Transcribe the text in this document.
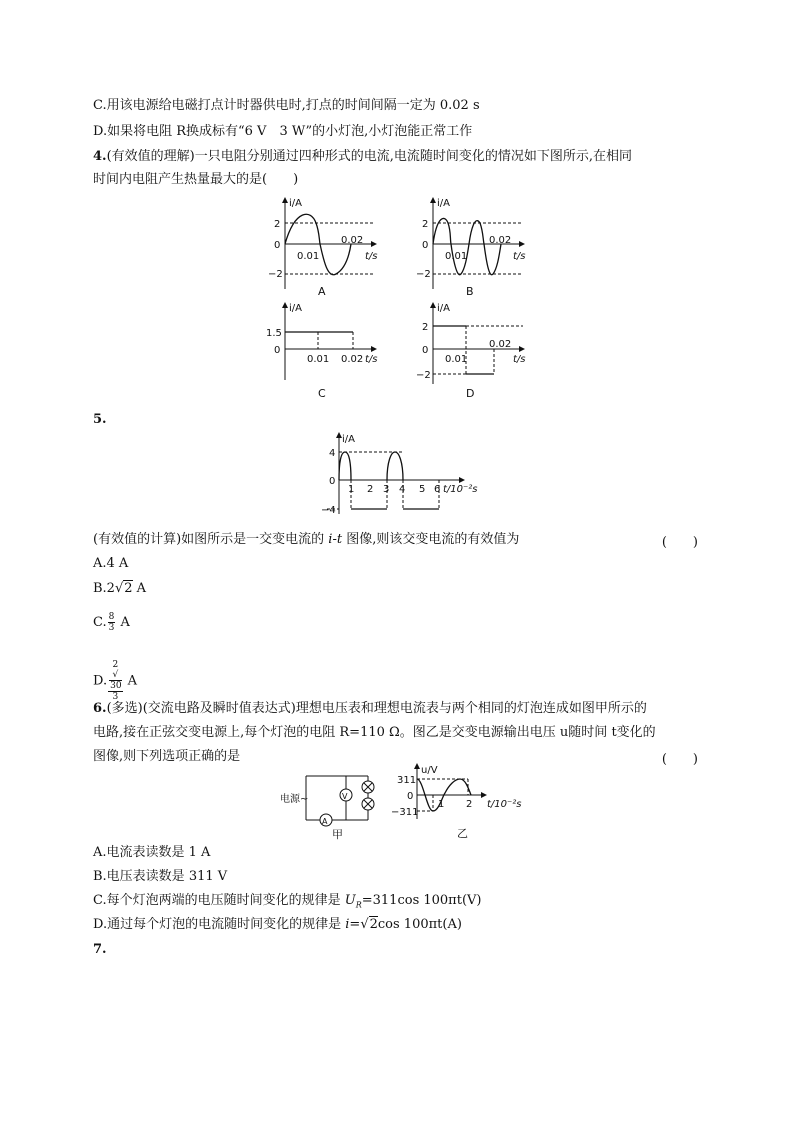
C.用该电源给电磁打点计时器供电时,打点的时间间隔一定为 0.02 s
D.如果将电阻 R换成标有“6 V　3 W”的小灯泡,小灯泡能正常工作
4.(有效值的理解)一只电阻分别通过四种形式的电流,电流随时间变化的情况如下图所示,在相同
时间内电阻产生热量最大的是(　　)
i/A
2
0
−2
0.01
0.02
t/s
A
i/A
2
0
−2
0.01
0.02
t/s
B
i/A
1.5
0
0.01 0.02 t/s
C
i/A
2
0
−2
0.01
0.02
t/s
D
5.
i/A
4
0
−4
1 2 3 4 5 6 t/10⁻²s
(有效值的计算)如图所示是一交变电流的 i-t 图像,则该交变电流的有效值为	(　　)
A.4 A
B.2√2 A
C. $\frac{8}{3}$ A
D. 2
√
30
3 A
6.(多选)(交流电路及瞬时值表达式)理想电压表和理想电流表与两个相同的灯泡连成如图甲所示的
电路,接在正弦交变电源上,每个灯泡的电阻 R=110 Ω。图乙是交变电源输出电压 u随时间 t变化的
图像,则下列选项正确的是	(　　)
电源~	V
A
甲
u/V
311
0
−311
1 2 t/10⁻²s
乙
A.电流表读数是 1 A
B.电压表读数是 311 V
C.每个灯泡两端的电压随时间变化的规律是 $U_R=311\cos$ 100πt(V)
D.通过每个灯泡的电流随时间变化的规律是 i=√2cos 100πt(A)
7.
